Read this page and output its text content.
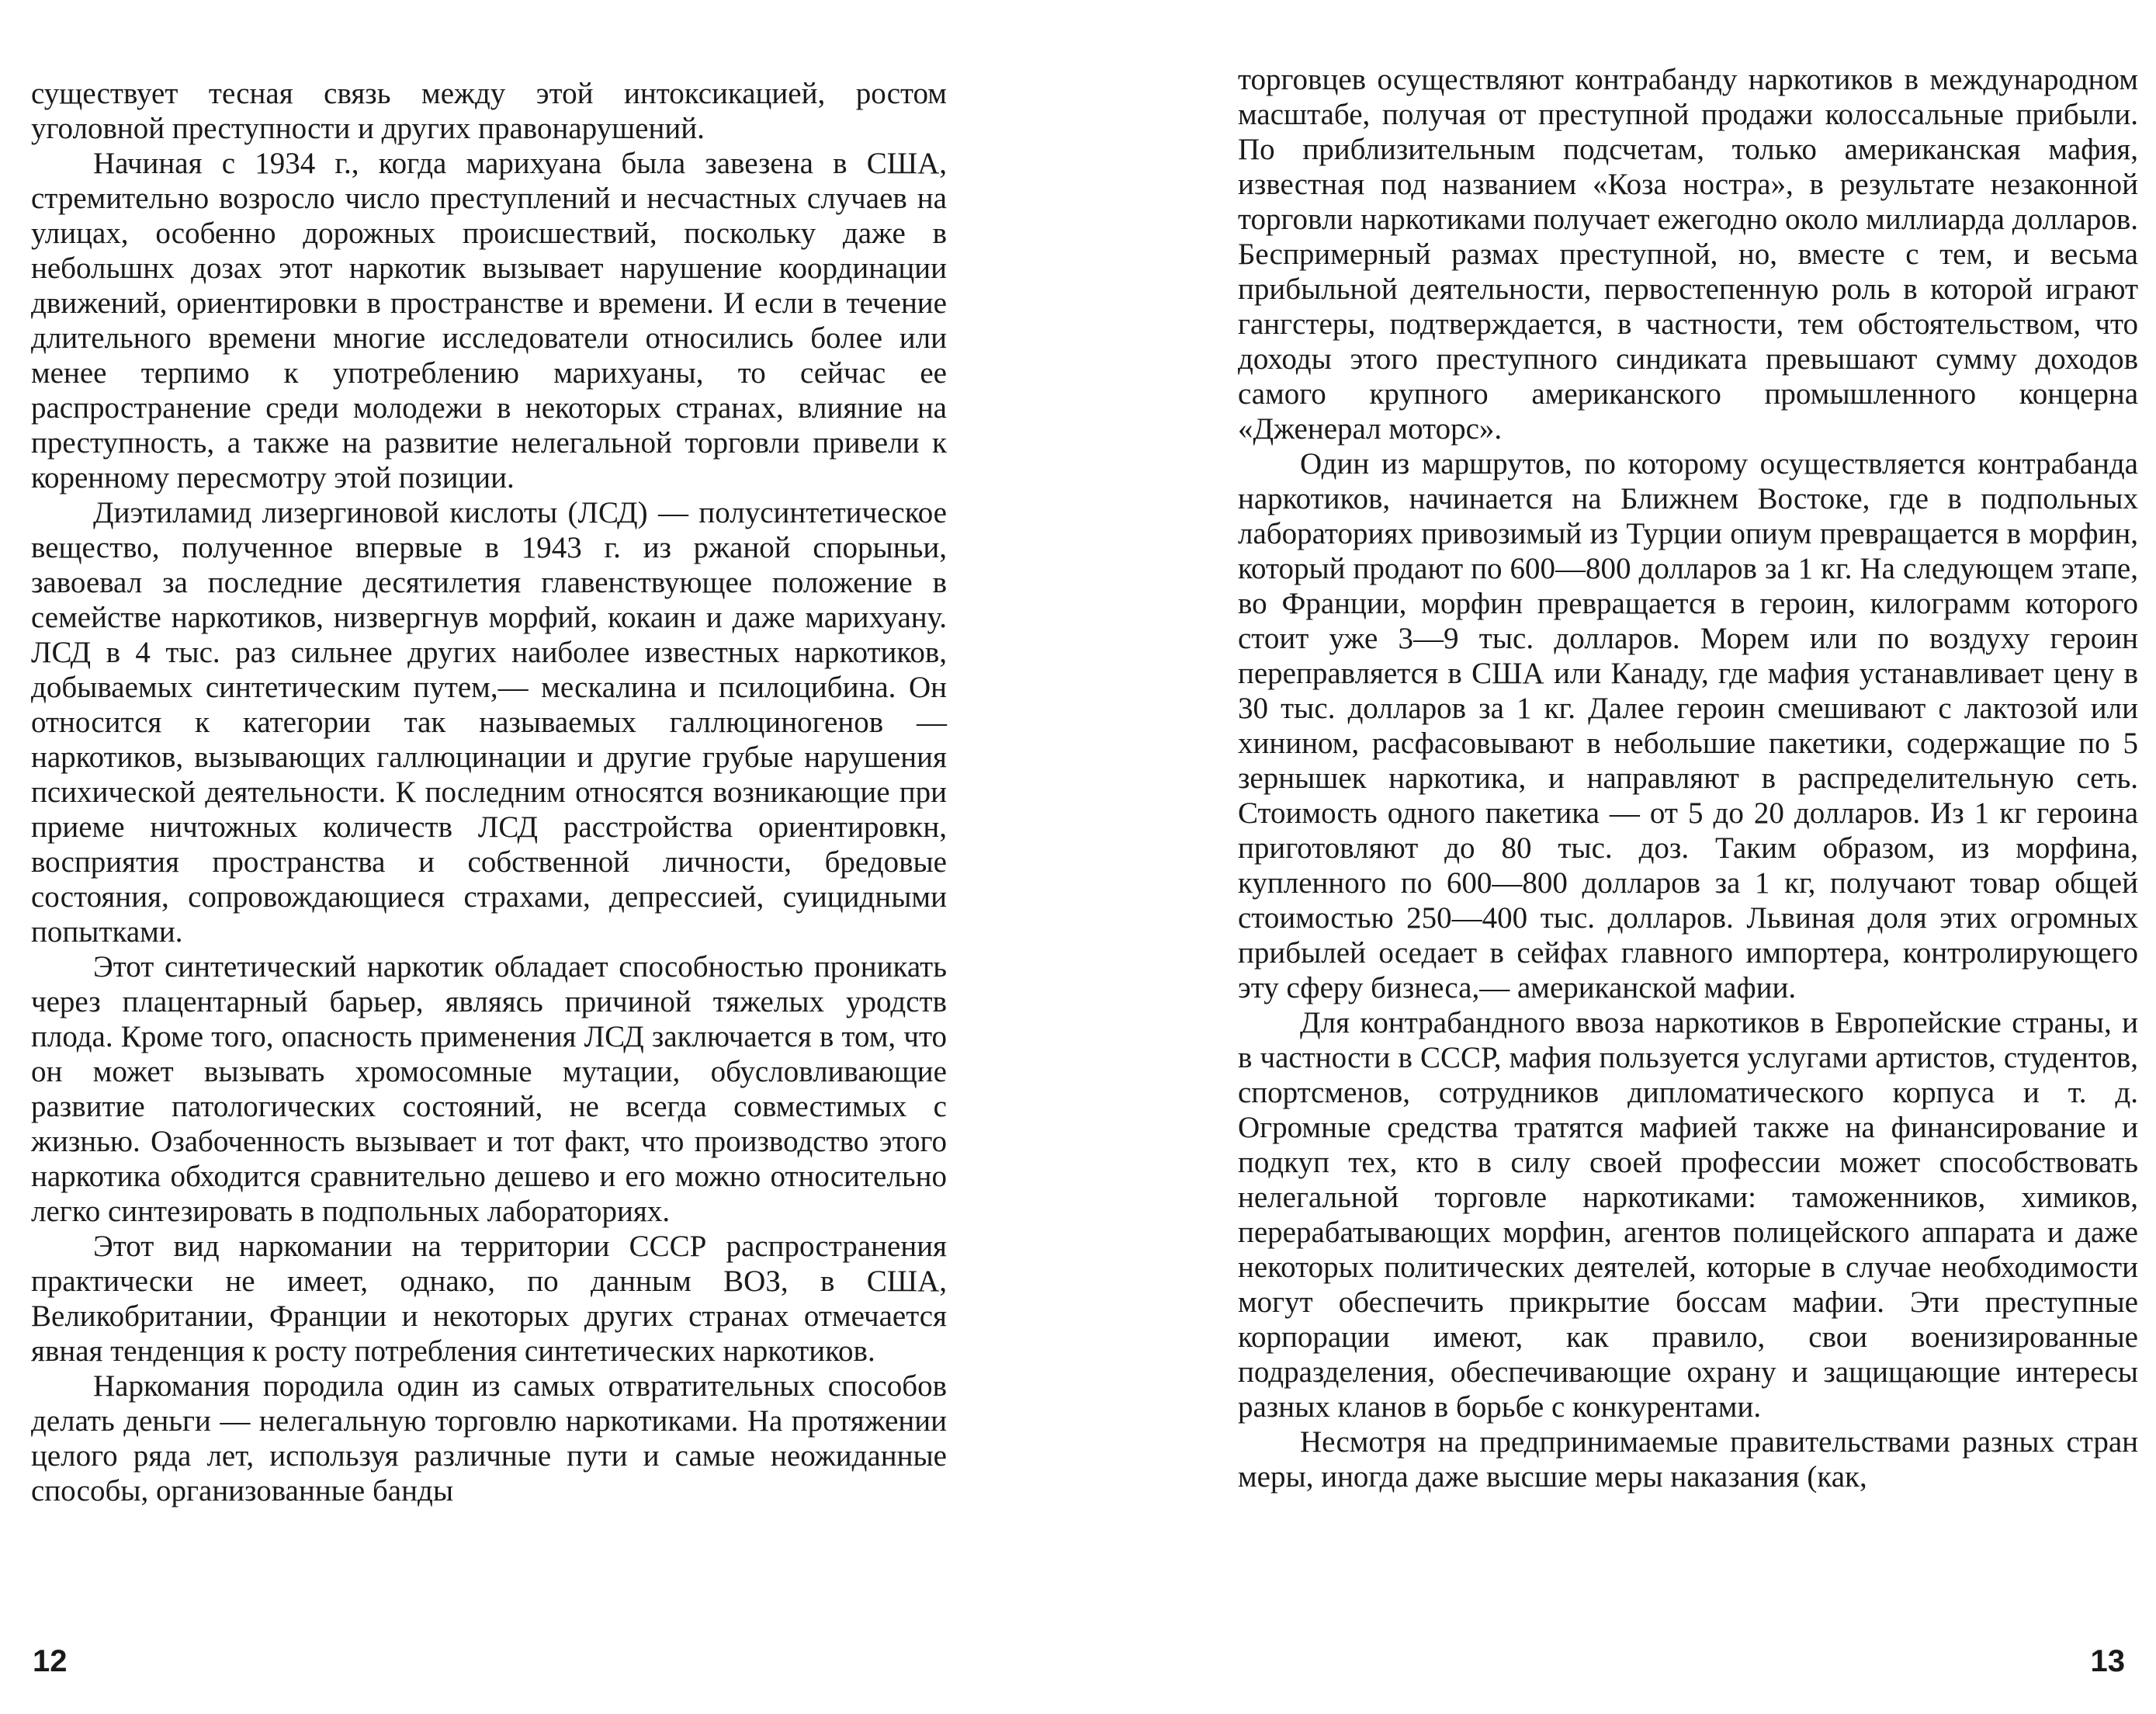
существует тесная связь между этой интоксикацией, ростом уголовной преступности и других правонарушений.

Начиная с 1934 г., когда марихуана была завезена в США, стремительно возросло число преступлений и несчастных случаев на улицах, особенно дорожных происшествий, поскольку даже в небольшнх дозах этот наркотик вызывает нарушение координации движений, ориентировки в пространстве и времени. И если в течение длительного времени многие исследователи относились более или менее терпимо к употреблению марихуаны, то сейчас ее распространение среди молодежи в некоторых странах, влияние на преступность, а также на развитие нелегальной торговли привели к коренному пересмотру этой позиции.

Диэтиламид лизергиновой кислоты (ЛСД) — полусинтетическое вещество, полученное впервые в 1943 г. из ржаной спорыньи, завоевал за последние десятилетия главенствующее положение в семействе наркотиков, низвергнув морфий, кокаин и даже марихуану. ЛСД в 4 тыс. раз сильнее других наиболее известных наркотиков, добываемых синтетическим путем,— мескалина и псилоцибина. Он относится к категории так называемых галлюциногенов — наркотиков, вызывающих галлюцинации и другие грубые нарушения психической деятельности. К последним относятся возникающие при приеме ничтожных количеств ЛСД расстройства ориентировкн, восприятия пространства и собственной личности, бредовые состояния, сопровождающиеся страхами, депрессией, суицидными попытками.

Этот синтетический наркотик обладает способностью проникать через плацентарный барьер, являясь причиной тяжелых уродств плода. Кроме того, опасность применения ЛСД заключается в том, что он может вызывать хромосомные мутации, обусловливающие развитие патологических состояний, не всегда совместимых с жизнью. Озабоченность вызывает и тот факт, что производство этого наркотика обходится сравнительно дешево и его можно относительно легко синтезировать в подпольных лабораториях.

Этот вид наркомании на территории СССР распространения практически не имеет, однако, по данным ВОЗ, в США, Великобритании, Франции и некоторых других странах отмечается явная тенденция к росту потребления синтетических наркотиков.

Наркомания породила один из самых отвратительных способов делать деньги — нелегальную торговлю наркотиками. На протяжении целого ряда лет, используя различные пути и самые неожиданные способы, организованные банды

12

торговцев осуществляют контрабанду наркотиков в международном масштабе, получая от преступной продажи колоссальные прибыли. По приблизительным подсчетам, только американская мафия, известная под названием «Коза ностра», в результате незаконной торговли наркотиками получает ежегодно около миллиарда долларов. Беспримерный размах преступной, но, вместе с тем, и весьма прибыльной деятельности, первостепенную роль в которой играют гангстеры, подтверждается, в частности, тем обстоятельством, что доходы этого преступного синдиката превышают сумму доходов самого крупного американского промышленного концерна «Дженерал моторс».

Один из маршрутов, по которому осуществляется контрабанда наркотиков, начинается на Ближнем Востоке, где в подпольных лабораториях привозимый из Турции опиум превращается в морфин, который продают по 600—800 долларов за 1 кг. На следующем этапе, во Франции, морфин превращается в героин, килограмм которого стоит уже 3—9 тыс. долларов. Морем или по воздуху героин переправляется в США или Канаду, где мафия устанавливает цену в 30 тыс. долларов за 1 кг. Далее героин смешивают с лактозой или хинином, расфасовывают в небольшие пакетики, содержащие по 5 зернышек наркотика, и направляют в распределительную сеть. Стоимость одного пакетика — от 5 до 20 долларов. Из 1 кг героина приготовляют до 80 тыс. доз. Таким образом, из морфина, купленного по 600—800 долларов за 1 кг, получают товар общей стоимостью 250—400 тыс. долларов. Львиная доля этих огромных прибылей оседает в сейфах главного импортера, контролирующего эту сферу бизнеса,— американской мафии.

Для контрабандного ввоза наркотиков в Европейские страны, и в частности в СССР, мафия пользуется услугами артистов, студентов, спортсменов, сотрудников дипломатического корпуса и т. д. Огромные средства тратятся мафией также на финансирование и подкуп тех, кто в силу своей профессии может способствовать нелегальной торговле наркотиками: таможенников, химиков, перерабатывающих морфин, агентов полицейского аппарата и даже некоторых политических деятелей, которые в случае необходимости могут обеспечить прикрытие боссам мафии. Эти преступные корпорации имеют, как правило, свои военизированные подразделения, обеспечивающие охрану и защищающие интересы разных кланов в борьбе с конкурентами.

Несмотря на предпринимаемые правительствами разных стран меры, иногда даже высшие меры наказания (как,

13
